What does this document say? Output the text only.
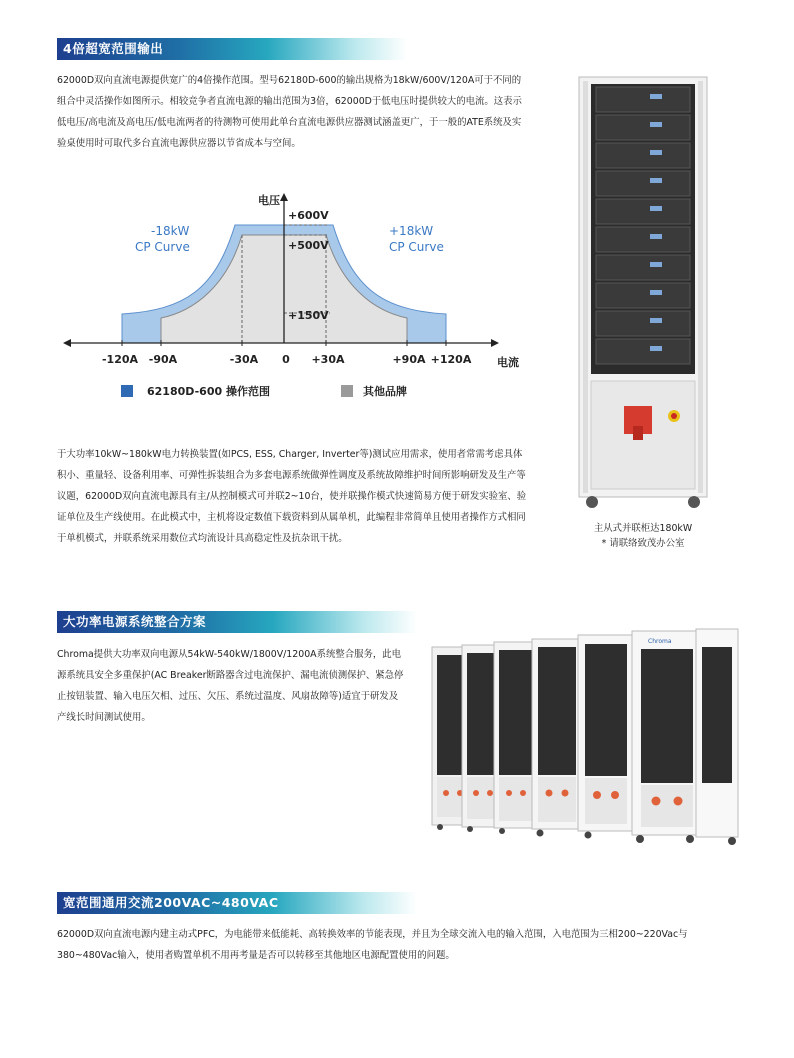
4倍超宽范围输出
62000D双向直流电源提供宽广的4倍操作范围。型号62180D-600的输出规格为18kW/600V/120A可于不同的组合中灵活操作如图所示。相较竞争者直流电源的输出范围为3倍，62000D于低电压时提供较大的电流。这表示低电压/高电流及高电压/低电流两者的待测物可使用此单台直流电源供应器测试涵盖更广，于一般的ATE系统及实验桌使用时可取代多台直流电源供应器以节省成本与空间。
电压
电流
+600V
+500V
+150V
-18kW
CP Curve
+18kW
CP Curve
-120A -90A	-30A 0 +30A	+90A +120A
62180D-600 操作范围	其他品牌
主从式并联柜达180kW
* 请联络致茂办公室
于大功率10kW~180kW电力转换装置(如PCS, ESS, Charger, Inverter等)测试应用需求，使用者常需考虑具体积小、重量轻、设备利用率、可弹性拆装组合为多套电源系统做弹性调度及系统故障维护时间所影响研发及生产等议题，62000D双向直流电源具有主/从控制模式可并联2~10台，使并联操作模式快速简易方便于研发实验室、验证单位及生产线使用。在此模式中，主机将设定数值下载资料到从属单机，此编程非常简单且使用者操作方式相同于单机模式，并联系统采用数位式均流设计具高稳定性及抗杂讯干扰。
大功率电源系统整合方案
Chroma提供大功率双向电源从54kW-540kW/1800V/1200A系统整合服务，此电源系统具安全多重保护(AC Breaker断路器含过电流保护、漏电流侦测保护、紧急停止按钮装置、输入电压欠相、过压、欠压、系统过温度、风扇故障等)适宜于研发及产线长时间测试使用。
Chroma
宽范围通用交流200VAC~480VAC
62000D双向直流电源内建主动式PFC，为电能带来低能耗、高转换效率的节能表现，并且为全球交流入电的输入范围，入电范围为三相200~220Vac与380~480Vac输入，使用者购置单机不用再考量是否可以转移至其他地区电源配置使用的问题。
